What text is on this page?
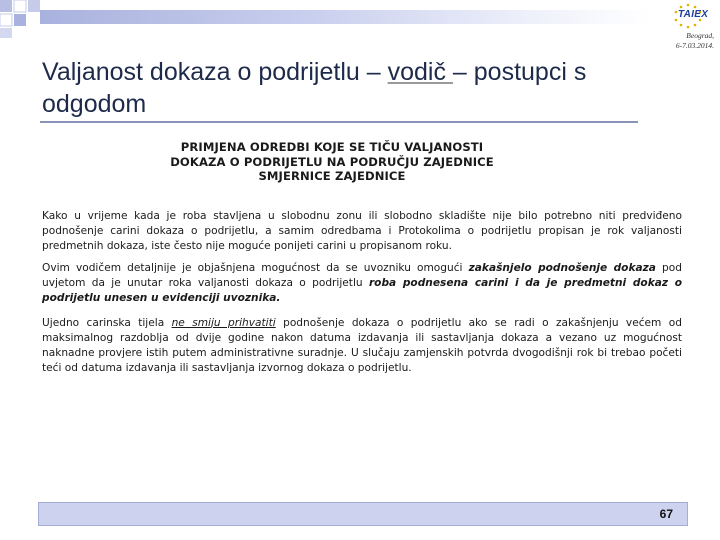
TAIEX
Beograd,
6-7.03.2014.
Valjanost dokaza o podrijetlu – vodič – postupci s odgodom
PRIMJENA ODREDBI KOJE SE TIČU VALJANOSTI
DOKAZA O PODRIJETLU NA PODRUČJU ZAJEDNICE
SMJERNICE ZAJEDNICE

Kako u vrijeme kada je roba stavljena u slobodnu zonu ili slobodno skladište nije bilo potrebno niti predviđeno podnošenje carini dokaza o podrijetlu, a samim odredbama i Protokolima o podrijetlu propisan je rok valjanosti predmetnih dokaza, iste često nije moguće ponijeti carini u propisanom roku.

Ovim vodičem detaljnije je objašnjena mogućnost da se uvozniku omogući zakašnjelo podnošenje dokaza pod uvjetom da je unutar roka valjanosti dokaza o podrijetlu roba podnesena carini i da je predmetni dokaz o podrijetlu unesen u evidenciji uvoznika.

Ujedno carinska tijela ne smiju prihvatiti podnošenje dokaza o podrijetlu ako se radi o zakašnjenju većem od maksimalnog razdoblja od dvije godine nakon datuma izdavanja ili sastavljanja dokaza a vezano uz mogućnost naknadne provjere istih putem administrativne suradnje. U slučaju zamjenskih potvrda dvogodišnji rok bi trebao početi teći od datuma izdavanja ili sastavljanja izvornog dokaza o podrijetlu.

67
